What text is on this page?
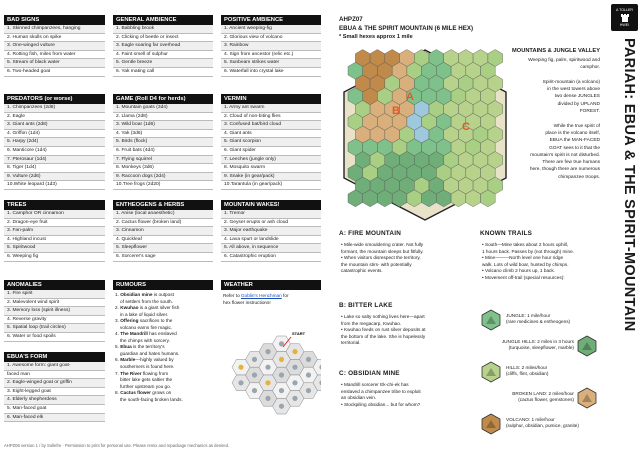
BAD SIGNS
1. Skinned chimpanzees, hanging
2. Human skulls on spike
3. One-winged vulture
4. Rotting fish, miles from water
5. Stream of black water
6. Two-headed goat
PREDATORS (or worse)
1. Chimpanzees (2d8)
2. Eagle
3. Giant ants (2d8)
4. Griffon (1d4)
5. Harpy (2d4)
6. Manticore (1d4)
7. Pterosaur (1d4)
8. Tiger (1d4)
9. Vulture (2d6)
10.White leopard (1d3)
TREES
1. Camphor OR cinnamon
2. Dragon-eye fruit
3. Fan-palm
4. Highland incust
5. Spiritwood
6. Weeping fig
ANOMALIES
1. Fire spirit
2. Malevolent wind spirit
3. Memory loss (spirit illness)
4. Reverse gravity
5. Spatial loop (trail circles)
6. Water or food spoils
EBUA'S FORM
1. Awesome form: giant goat-
faced man
2. Eagle-winged goat or griffin
3. Eight-legged goat
4. Elderly shepherdess
5. Man-faced goat
6. Man-faced elk
GENERAL AMBIENCE
1. Babbling brook
2. Clicking of beetle or insect
3. Eagle soaring far overhead
4. Faint smell of sulphur
5. Gentle breeze
6. Yak mating call
GAME (Roll D4 for herds)
1. Mountain goats (3d4)
2. Llama (2d8)
3. Wild boar (1d6)
4. Yak (3d6)
5. Birds (flock)
6. Fruit bats (4d4)
7. Flying squirrel
8. Monkeys (3d6)
9. Raccoon dogs (2d4)
10.Tree frogs (2d20)
ENTHEOGENS & HERBS
1. Anise (local anaesthetic)
2. Cactus flower (broken land)
3. Cinnamon
4. Quickleaf
5. Sleepflower
6. Sorcerer's sage
RUMOURS
1. Obsidian mine is outpost
of settlers from the south.
2. Kwuhao is a giant silver fish
in a lake of liquid silver.
3. Offering sacrifices to the
volcano earns fire magic.
4. The Mandrill has enslaved
the chimps with sorcery.
5. Ebua is the territory's
guardian and hates humans.
6. Marble—highly valued by
southerners is found here.
7. The River flowing from
bitter lake gets saltier the
further upstream you go.
8. Cactus flower grows on
the south-facing broken lands.
POSITIVE AMBIENCE
1. Ancient weeping-fig
2. Glorious view of volcano
3. Rainbow
4. Sign from ancestor (relic etc.)
5. Sunbeam strikes water
6. Waterfall into crystal lake
VERMIN
1. Army ant swarm
2. Cloud of non-biting flies
3. Confused bat/bird cloud
4. Giant ants
5. Giant scorpion
6. Giant spider
7. Leeches (jungle only)
8. Mosquito swarm
9. Snake (in gear/pack)
10.Tarantula (in gear/pack)
MOUNTAIN WAKES!
1. Tremor
2. Geyser erupts or ash cloud
3. Major earthquake
4. Lava spurt or landslide
5. All above, in sequence
6. Catastrophic eruption
WEATHER
Refer to Goblin's Henchman for
hex flower instructions!
START
AHPZ07
EBUA & THE SPIRIT MOUNTAIN (6 MILE HEX)
* Small hexes approx 1 mile
A
B
C
MOUNTAINS & JUNGLE VALLEY
Weeping fig, palm, spiritwood and
camphor.

Spirit-mountain (a volcano)
in the west towers above
two dense JUNGLES
divided by UPLAND
FOREST.

While the true spirit of
place is the volcano itself,
EBUA the MAN-FACED
GOAT sees to it that the
mountain's spirit is not disturbed.
There are few true humans
here, though there are numerous
chimpanzee troops. PARIAH: EBUA & THE SPIRIT-MOUNTAIN
A TOLLER
HWEI
A: FIRE MOUNTAIN
• Mile-wide smouldering crater. Not fully
formant, the mountain sleeps but fitfully.
• When visitors disrespect the territory,
the mountain stirs- with potentially
catastrophic events.
B: BITTER LAKE
• Lake so salty nothing lives here—apart
from the megacarp, Kwuhao.
• Kwuhao feeds on rust silver deposits at
the bottom of the lake. She is hopelessly
territorial.
C: OBSIDIAN MINE
• Mandrill sorcerer Ek-chi-ek has
enslaved a chimpanzee tribe to exploit
an obsidian vein.
• Stockpiling obsidian... but for whom?
KNOWN TRAILS
• South—Mine takes about 2 hours uphill,
1 hours back. Passes by (not through) mine.
• Mine———North level one hour ridge
walk. Lots of wild boar, hunted by chimps.
• Volcano climb 2 hours up, 1 back.
• Movement off-trail (special resources):
JUNGLE: 1 mile/hour
(rare medicines & entheogens)
JUNGLE HILLS: 2 miles in 3 hours
(turquoise, sleepflower, marble)
HILLS: 2 miles/hour
(cliffs, flint, obsidian)
BROKEN LAND: 2 miles/hour
(cactus flower, gemstones)
VOLCANO: 1 mile/hour
(sulphur, obsidian, pumice, granite)
AHPZ06 version 1 / by Sollefre · Permission to print for personal use. Please remix and repackage mechanics as desired.
